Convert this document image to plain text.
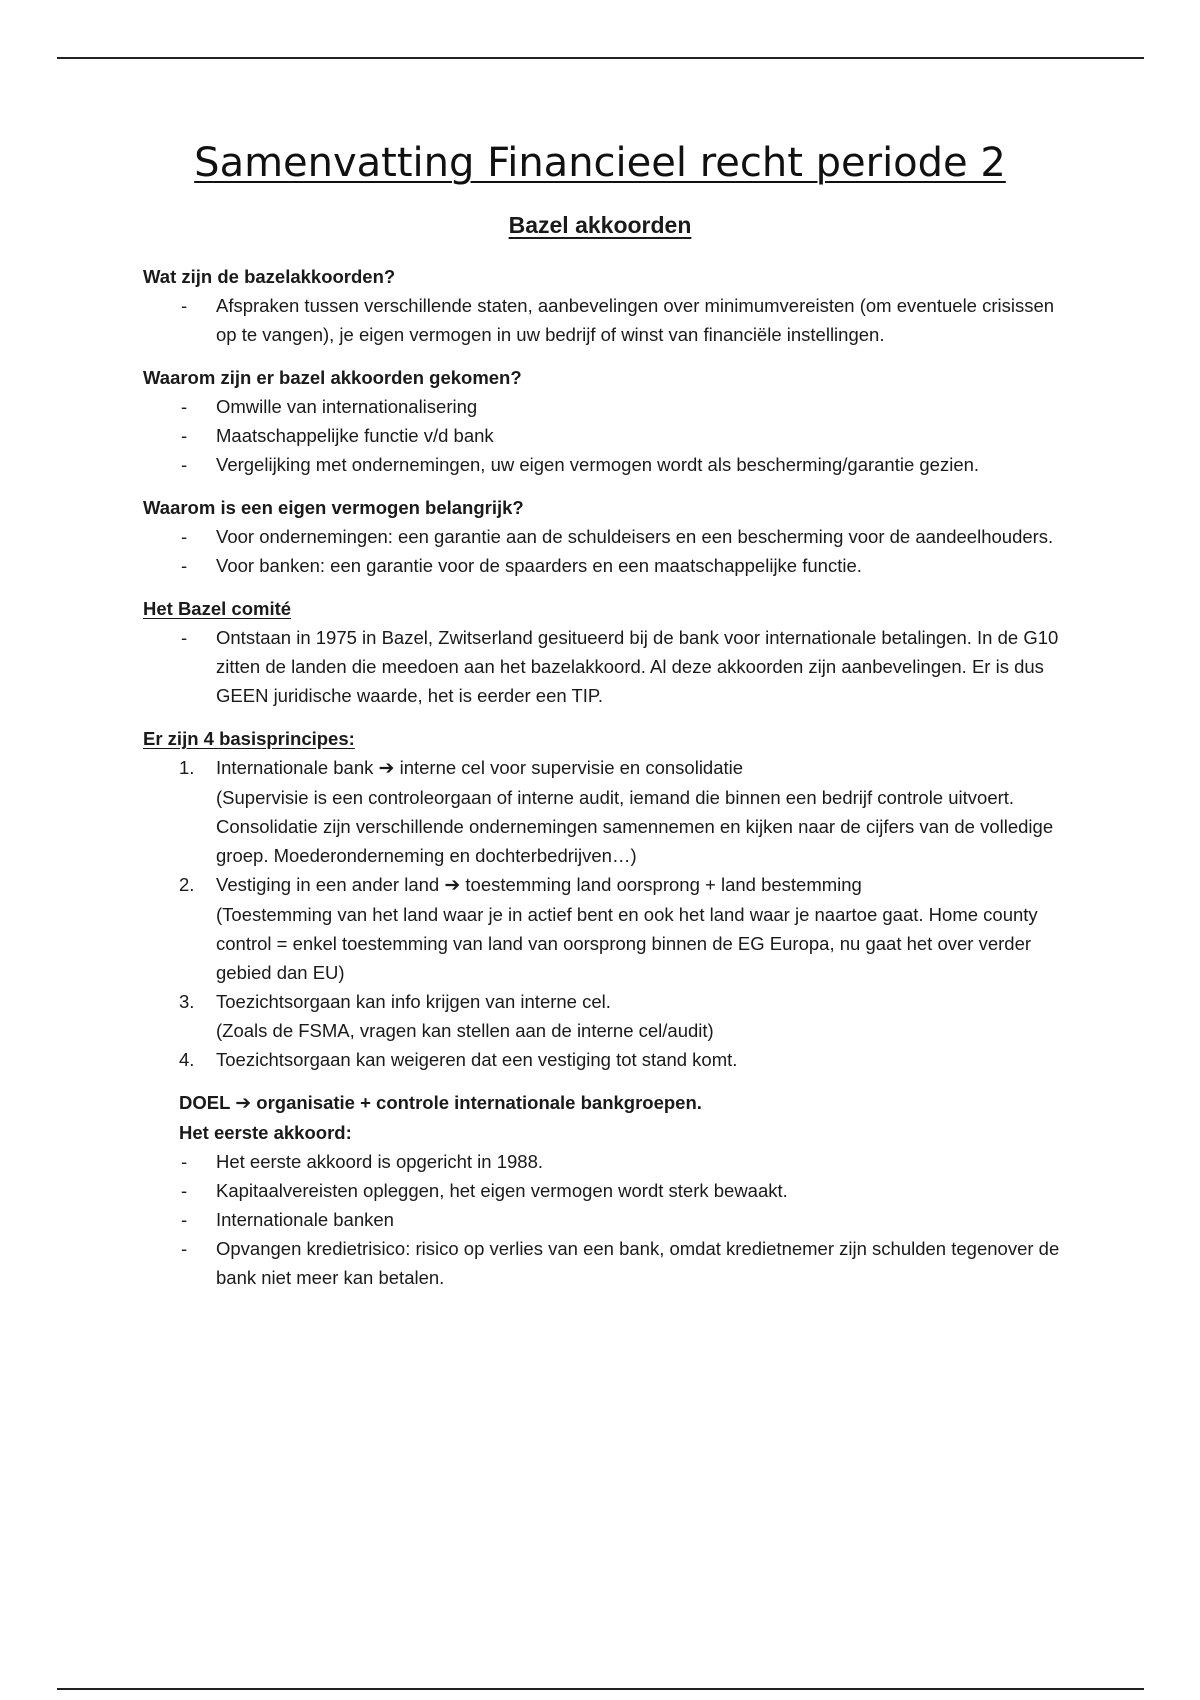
Samenvatting Financieel recht periode 2
Bazel akkoorden

Wat zijn de bazelakkoorden?

- Afspraken tussen verschillende staten, aanbevelingen over minimumvereisten (om eventuele crisissen op te vangen), je eigen vermogen in uw bedrijf of winst van financiële instellingen.

Waarom zijn er bazel akkoorden gekomen?

- Omwille van internationalisering
- Maatschappelijke functie v/d bank
- Vergelijking met ondernemingen, uw eigen vermogen wordt als bescherming/garantie gezien.

Waarom is een eigen vermogen belangrijk?

- Voor ondernemingen: een garantie aan de schuldeisers en een bescherming voor de aandeelhouders.
- Voor banken: een garantie voor de spaarders en een maatschappelijke functie.

Het Bazel comité

- Ontstaan in 1975 in Bazel, Zwitserland gesitueerd bij de bank voor internationale betalingen. In de G10 zitten de landen die meedoen aan het bazelakkoord. Al deze akkoorden zijn aanbevelingen. Er is dus GEEN juridische waarde, het is eerder een TIP.

Er zijn 4 basisprincipes:

1. Internationale bank ➔ interne cel voor supervisie en consolidatie
(Supervisie is een controleorgaan of interne audit, iemand die binnen een bedrijf controle uitvoert. Consolidatie zijn verschillende ondernemingen samennemen en kijken naar de cijfers van de volledige groep. Moederonderneming en dochterbedrijven…)
2. Vestiging in een ander land ➔ toestemming land oorsprong + land bestemming
(Toestemming van het land waar je in actief bent en ook het land waar je naartoe gaat. Home county control = enkel toestemming van land van oorsprong binnen de EG Europa, nu gaat het over verder gebied dan EU)
3. Toezichtsorgaan kan info krijgen van interne cel.
(Zoals de FSMA, vragen kan stellen aan de interne cel/audit)
4. Toezichtsorgaan kan weigeren dat een vestiging tot stand komt.

DOEL ➔ organisatie + controle internationale bankgroepen.

Het eerste akkoord:

- Het eerste akkoord is opgericht in 1988.
- Kapitaalvereisten opleggen, het eigen vermogen wordt sterk bewaakt.
- Internationale banken
- Opvangen kredietrisico: risico op verlies van een bank, omdat kredietnemer zijn schulden tegenover de bank niet meer kan betalen.
